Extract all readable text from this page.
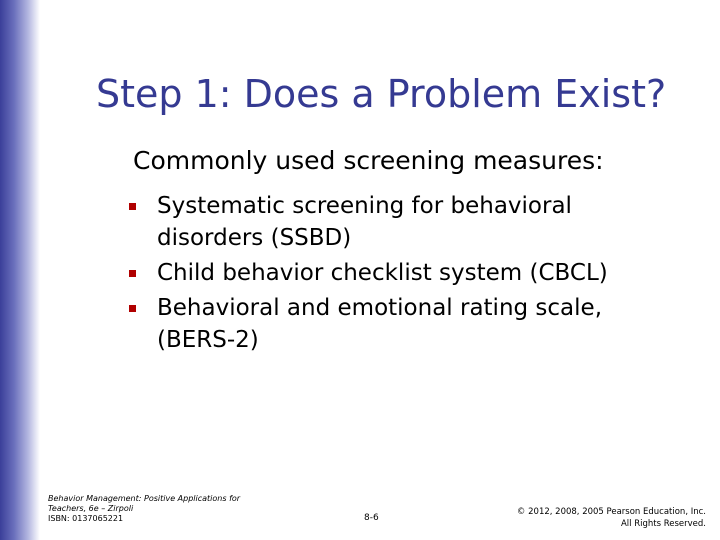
Step 1: Does a Problem Exist?

Commonly used screening measures:

Systematic screening for behavioral disorders (SSBD)
Child behavior checklist system (CBCL)
Behavioral and emotional rating scale, (BERS-2)
Behavior Management: Positive Applications for Teachers, 6e – Zirpoli
ISBN: 0137065221	8-6
© 2012, 2008, 2005 Pearson Education, Inc.
All Rights Reserved.
